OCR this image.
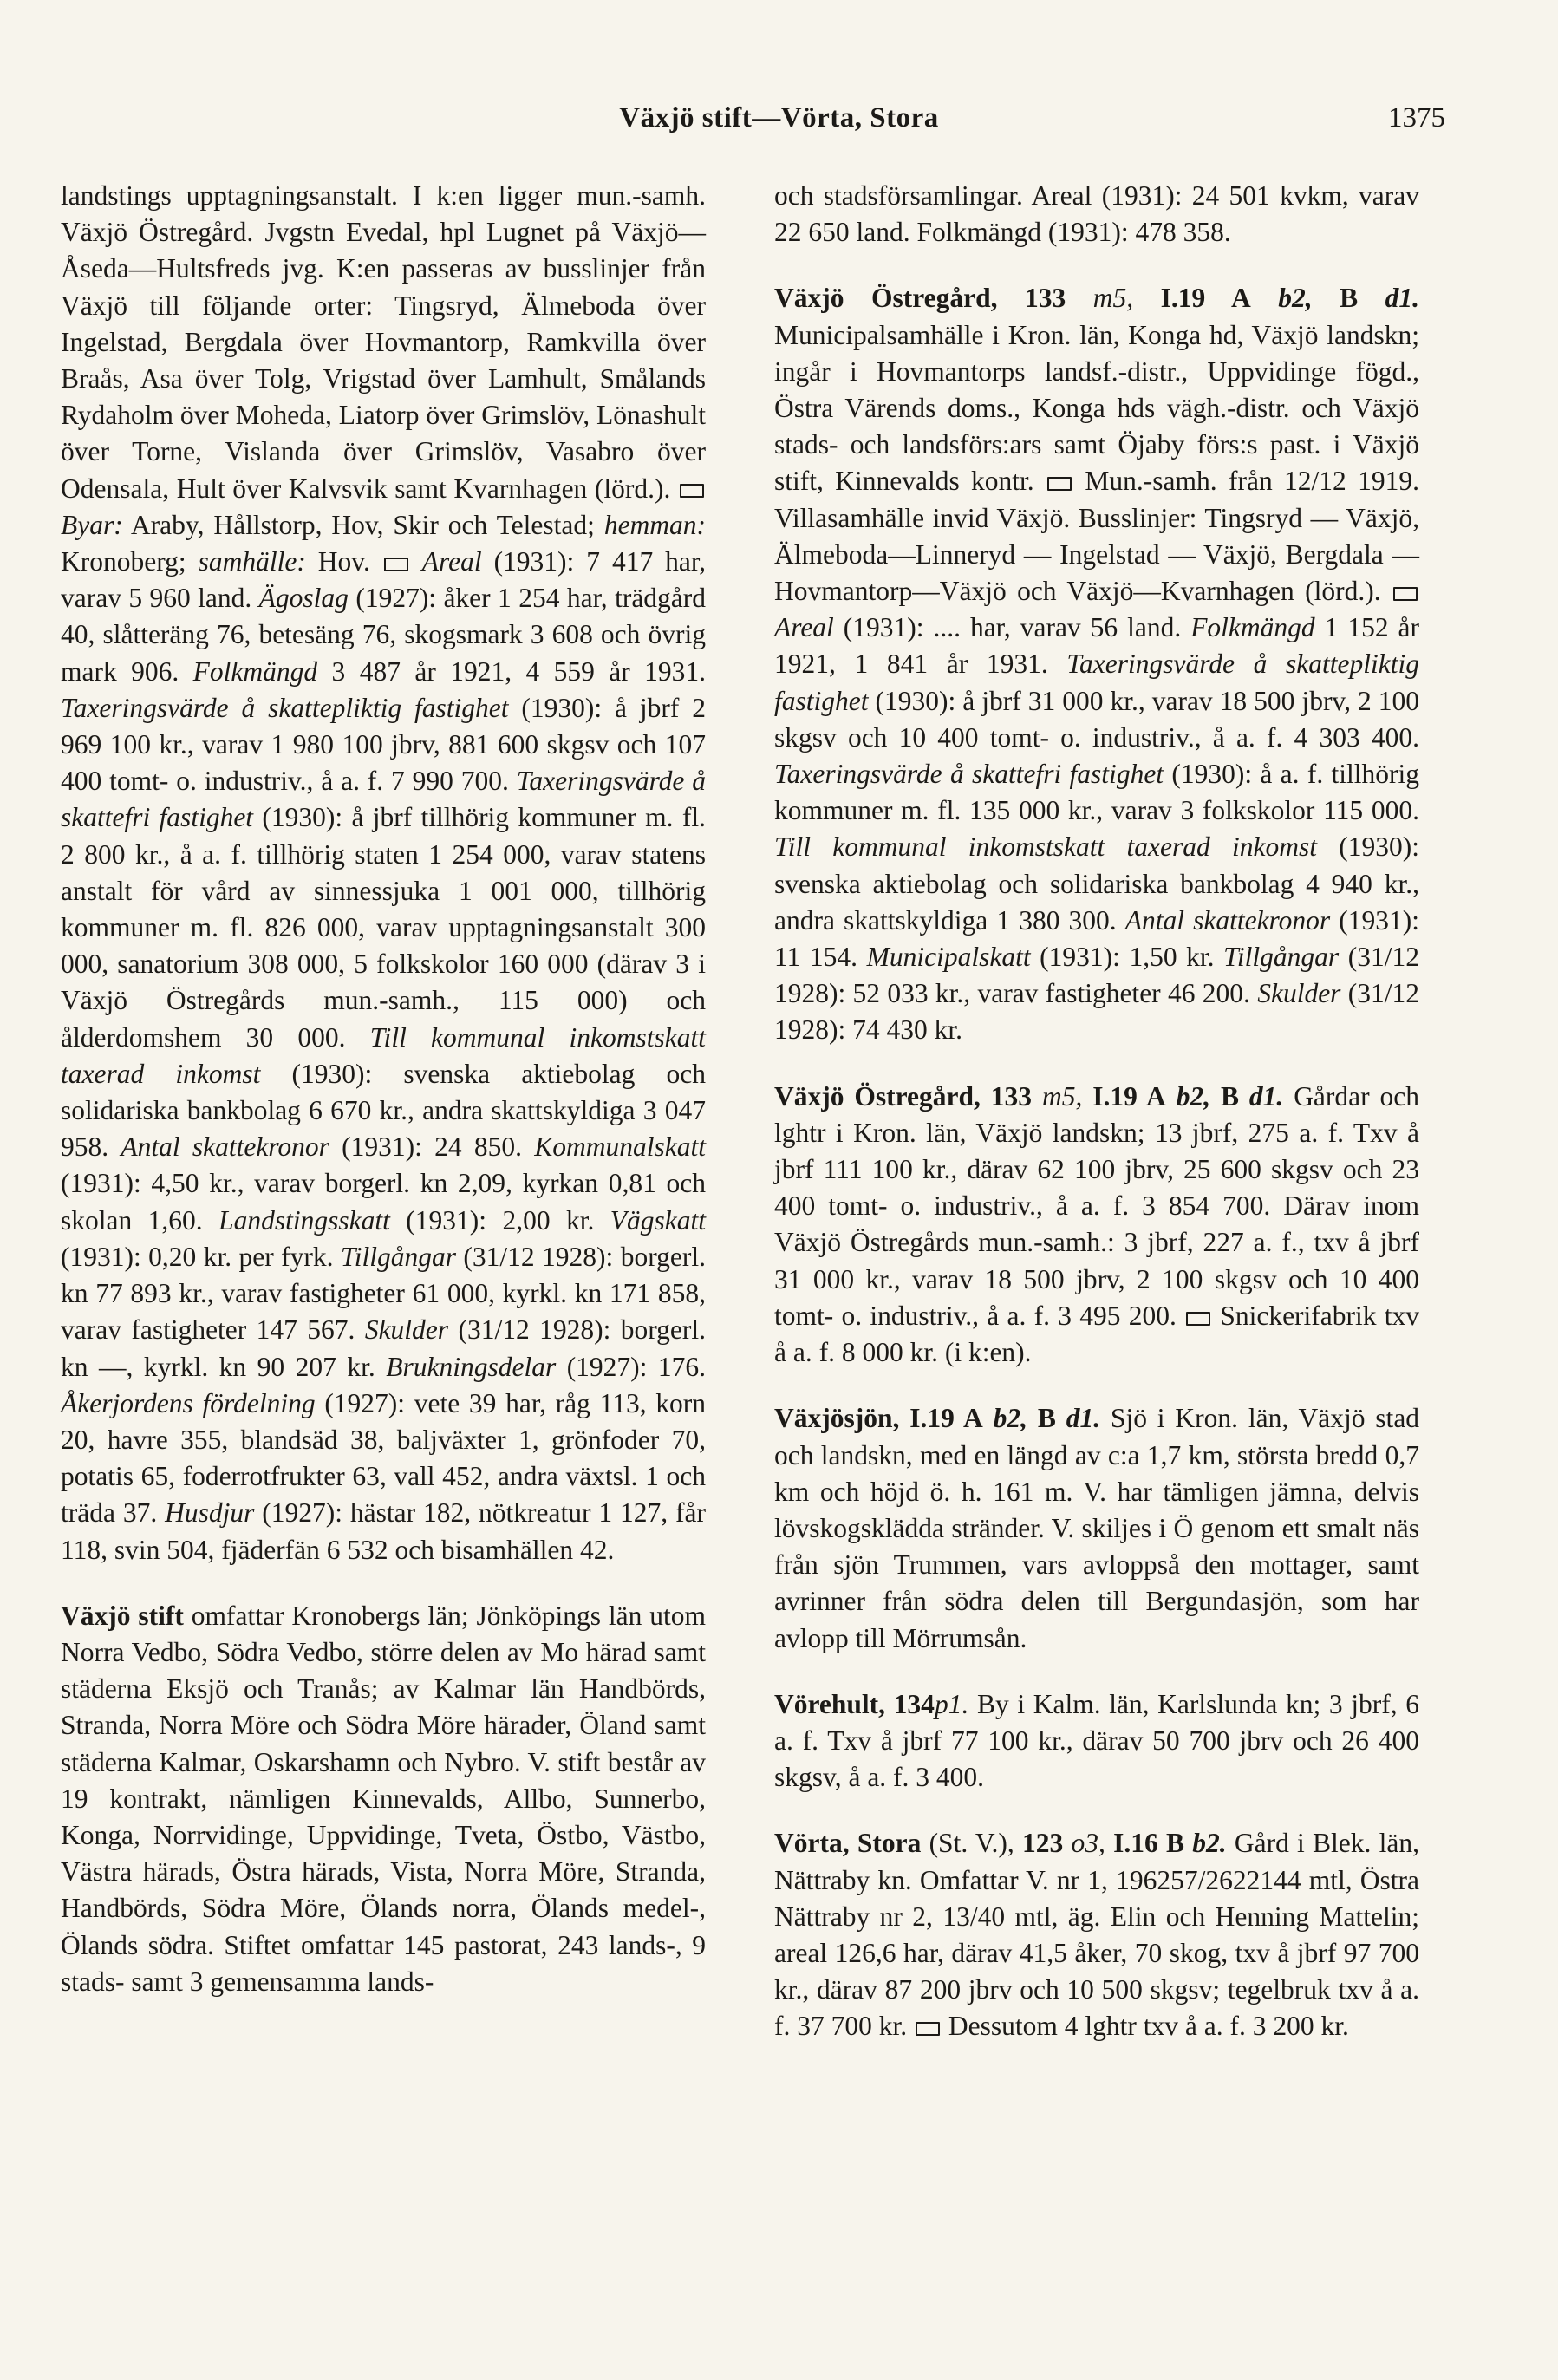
Växjö stift—Vörta, Stora	1375

landstings upptagningsanstalt. I k:en ligger mun.-samh. Växjö Östregård. Jvgstn Evedal, hpl Lugnet på Växjö—Åseda—Hultsfreds jvg. K:en passeras av busslinjer från Växjö till följande orter: Tingsryd, Älmeboda över Ingelstad, Bergdala över Hovmantorp, Ramkvilla över Braås, Asa över Tolg, Vrigstad över Lamhult, Smålands Rydaholm över Moheda, Liatorp över Grimslöv, Lönashult över Torne, Vislanda över Grimslöv, Vasabro över Odensala, Hult över Kalvsvik samt Kvarnhagen (lörd.).  Byar: Araby, Hållstorp, Hov, Skir och Telestad; hemman: Kronoberg; samhälle: Hov. Areal (1931): 7 417 har, varav 5 960 land. Ägoslag (1927): åker 1 254 har, trädgård 40, slåtteräng 76, betesäng 76, skogsmark 3 608 och övrig mark 906. Folkmängd 3 487 år 1921, 4 559 år 1931. Taxeringsvärde å skattepliktig fastighet (1930): å jbrf 2 969 100 kr., varav 1 980 100 jbrv, 881 600 skgsv och 107 400 tomt- o. industriv., å a. f. 7 990 700. Taxeringsvärde å skattefri fastighet (1930): å jbrf tillhörig kommuner m. fl. 2 800 kr., å a. f. tillhörig staten 1 254 000, varav statens anstalt för vård av sinnessjuka 1 001 000, tillhörig kommuner m. fl. 826 000, varav upptagningsanstalt 300 000, sanatorium 308 000, 5 folkskolor 160 000 (därav 3 i Växjö Östregårds mun.-samh., 115 000) och ålderdomshem 30 000. Till kommunal inkomstskatt taxerad inkomst (1930): svenska aktiebolag och solidariska bankbolag 6 670 kr., andra skattskyldiga 3 047 958. Antal skattekronor (1931): 24 850. Kommunalskatt (1931): 4,50 kr., varav borgerl. kn 2,09, kyrkan 0,81 och skolan 1,60. Landstingsskatt (1931): 2,00 kr. Vägskatt (1931): 0,20 kr. per fyrk. Tillgångar (31/12 1928): borgerl. kn 77 893 kr., varav fastigheter 61 000, kyrkl. kn 171 858, varav fastigheter 147 567. Skulder (31/12 1928): borgerl. kn —, kyrkl. kn 90 207 kr. Brukningsdelar (1927): 176. Åkerjordens fördelning (1927): vete 39 har, råg 113, korn 20, havre 355, blandsäd 38, baljväxter 1, grönfoder 70, potatis 65, foderrotfrukter 63, vall 452, andra växtsl. 1 och träda 37. Husdjur (1927): hästar 182, nötkreatur 1 127, får 118, svin 504, fjäderfän 6 532 och bisamhällen 42.

Växjö stift omfattar Kronobergs län; Jönköpings län utom Norra Vedbo, Södra Vedbo, större delen av Mo härad samt städerna Eksjö och Tranås; av Kalmar län Handbörds, Stranda, Norra Möre och Södra Möre härader, Öland samt städerna Kalmar, Oskarshamn och Nybro. V. stift består av 19 kontrakt, nämligen Kinnevalds, Allbo, Sunnerbo, Konga, Norrvidinge, Uppvidinge, Tveta, Östbo, Västbo, Västra härads, Östra härads, Vista, Norra Möre, Stranda, Handbörds, Södra Möre, Ölands norra, Ölands medel-, Ölands södra. Stiftet omfattar 145 pastorat, 243 lands-, 9 stads- samt 3 gemensamma lands-

och stadsförsamlingar. Areal (1931): 24 501 kvkm, varav 22 650 land. Folkmängd (1931): 478 358.

Växjö Östregård, 133 m5, I.19 A b2, B d1. Municipalsamhälle i Kron. län, Konga hd, Växjö landskn; ingår i Hovmantorps landsf.-distr., Uppvidinge fögd., Östra Värends doms., Konga hds vägh.-distr. och Växjö stads- och landsförs:ars samt Öjaby förs:s past. i Växjö stift, Kinnevalds kontr. Mun.-samh. från 12/12 1919. Villasamhälle invid Växjö. Busslinjer: Tingsryd — Växjö, Älmeboda—Linneryd — Ingelstad — Växjö, Bergdala — Hovmantorp—Växjö och Växjö—Kvarnhagen (lörd.).  Areal (1931): .... har, varav 56 land. Folkmängd 1 152 år 1921, 1 841 år 1931. Taxeringsvärde å skattepliktig fastighet (1930): å jbrf 31 000 kr., varav 18 500 jbrv, 2 100 skgsv och 10 400 tomt- o. industriv., å a. f. 4 303 400. Taxeringsvärde å skattefri fastighet (1930): å a. f. tillhörig kommuner m. fl. 135 000 kr., varav 3 folkskolor 115 000. Till kommunal inkomstskatt taxerad inkomst (1930): svenska aktiebolag och solidariska bankbolag 4 940 kr., andra skattskyldiga 1 380 300. Antal skattekronor (1931): 11 154. Municipalskatt (1931): 1,50 kr. Tillgångar (31/12 1928): 52 033 kr., varav fastigheter 46 200. Skulder (31/12 1928): 74 430 kr.

Växjö Östregård, 133 m5, I.19 A b2, B d1. Gårdar och lghtr i Kron. län, Växjö landskn; 13 jbrf, 275 a. f. Txv å jbrf 111 100 kr., därav 62 100 jbrv, 25 600 skgsv och 23 400 tomt- o. industriv., å a. f. 3 854 700. Därav inom Växjö Östregårds mun.-samh.: 3 jbrf, 227 a. f., txv å jbrf 31 000 kr., varav 18 500 jbrv, 2 100 skgsv och 10 400 tomt- o. industriv., å a. f. 3 495 200. Snickerifabrik txv å a. f. 8 000 kr. (i k:en).

Växjösjön, I.19 A b2, B d1. Sjö i Kron. län, Växjö stad och landskn, med en längd av c:a 1,7 km, största bredd 0,7 km och höjd ö. h. 161 m. V. har tämligen jämna, delvis lövskogsklädda stränder. V. skiljes i Ö genom ett smalt näs från sjön Trummen, vars avloppså den mottager, samt avrinner från södra delen till Bergundasjön, som har avlopp till Mörrumsån.

Vörehult, 134p1. By i Kalm. län, Karlslunda kn; 3 jbrf, 6 a. f. Txv å jbrf 77 100 kr., därav 50 700 jbrv och 26 400 skgsv, å a. f. 3 400.

Vörta, Stora (St. V.), 123 o3, I.16 B b2. Gård i Blek. län, Nättraby kn. Omfattar V. nr 1, 196257/2622144 mtl, Östra Nättraby nr 2, 13/40 mtl, äg. Elin och Henning Mattelin; areal 126,6 har, därav 41,5 åker, 70 skog, txv å jbrf 97 700 kr., därav 87 200 jbrv och 10 500 skgsv; tegelbruk txv å a. f. 37 700 kr. Dessutom 4 lghtr txv å a. f. 3 200 kr.
